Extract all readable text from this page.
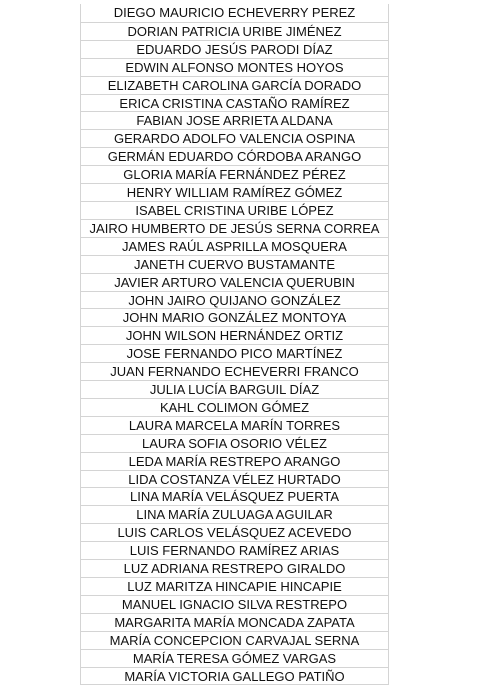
DIEGO MAURICIO ECHEVERRY PEREZ
DORIAN PATRICIA URIBE JIMÉNEZ
EDUARDO JESÚS PARODI DÍAZ
EDWIN ALFONSO MONTES HOYOS
ELIZABETH CAROLINA GARCÍA DORADO
ERICA CRISTINA CASTAÑO RAMÍREZ
FABIAN JOSE ARRIETA ALDANA
GERARDO ADOLFO VALENCIA OSPINA
GERMÁN EDUARDO CÓRDOBA ARANGO
GLORIA MARÍA FERNÁNDEZ PÉREZ
HENRY WILLIAM RAMÍREZ GÓMEZ
ISABEL CRISTINA URIBE LÓPEZ
JAIRO HUMBERTO DE JESÚS SERNA CORREA
JAMES RAÚL ASPRILLA MOSQUERA
JANETH CUERVO BUSTAMANTE
JAVIER ARTURO VALENCIA QUERUBIN
JOHN JAIRO QUIJANO GONZÁLEZ
JOHN MARIO GONZÁLEZ MONTOYA
JOHN WILSON HERNÁNDEZ ORTIZ
JOSE FERNANDO PICO MARTÍNEZ
JUAN FERNANDO ECHEVERRI FRANCO
JULIA LUCÍA BARGUIL DÍAZ
KAHL COLIMON GÓMEZ
LAURA MARCELA MARÍN TORRES
LAURA SOFIA OSORIO VÉLEZ
LEDA MARÍA RESTREPO ARANGO
LIDA COSTANZA VÉLEZ HURTADO
LINA MARÍA VELÁSQUEZ PUERTA
LINA MARÍA ZULUAGA AGUILAR
LUIS CARLOS VELÁSQUEZ ACEVEDO
LUIS FERNANDO RAMÍREZ ARIAS
LUZ ADRIANA RESTREPO GIRALDO
LUZ MARITZA HINCAPIE HINCAPIE
MANUEL IGNACIO SILVA RESTREPO
MARGARITA MARÍA MONCADA ZAPATA
MARÍA CONCEPCION CARVAJAL SERNA
MARÍA TERESA GÓMEZ VARGAS
MARÍA VICTORIA GALLEGO PATIÑO
